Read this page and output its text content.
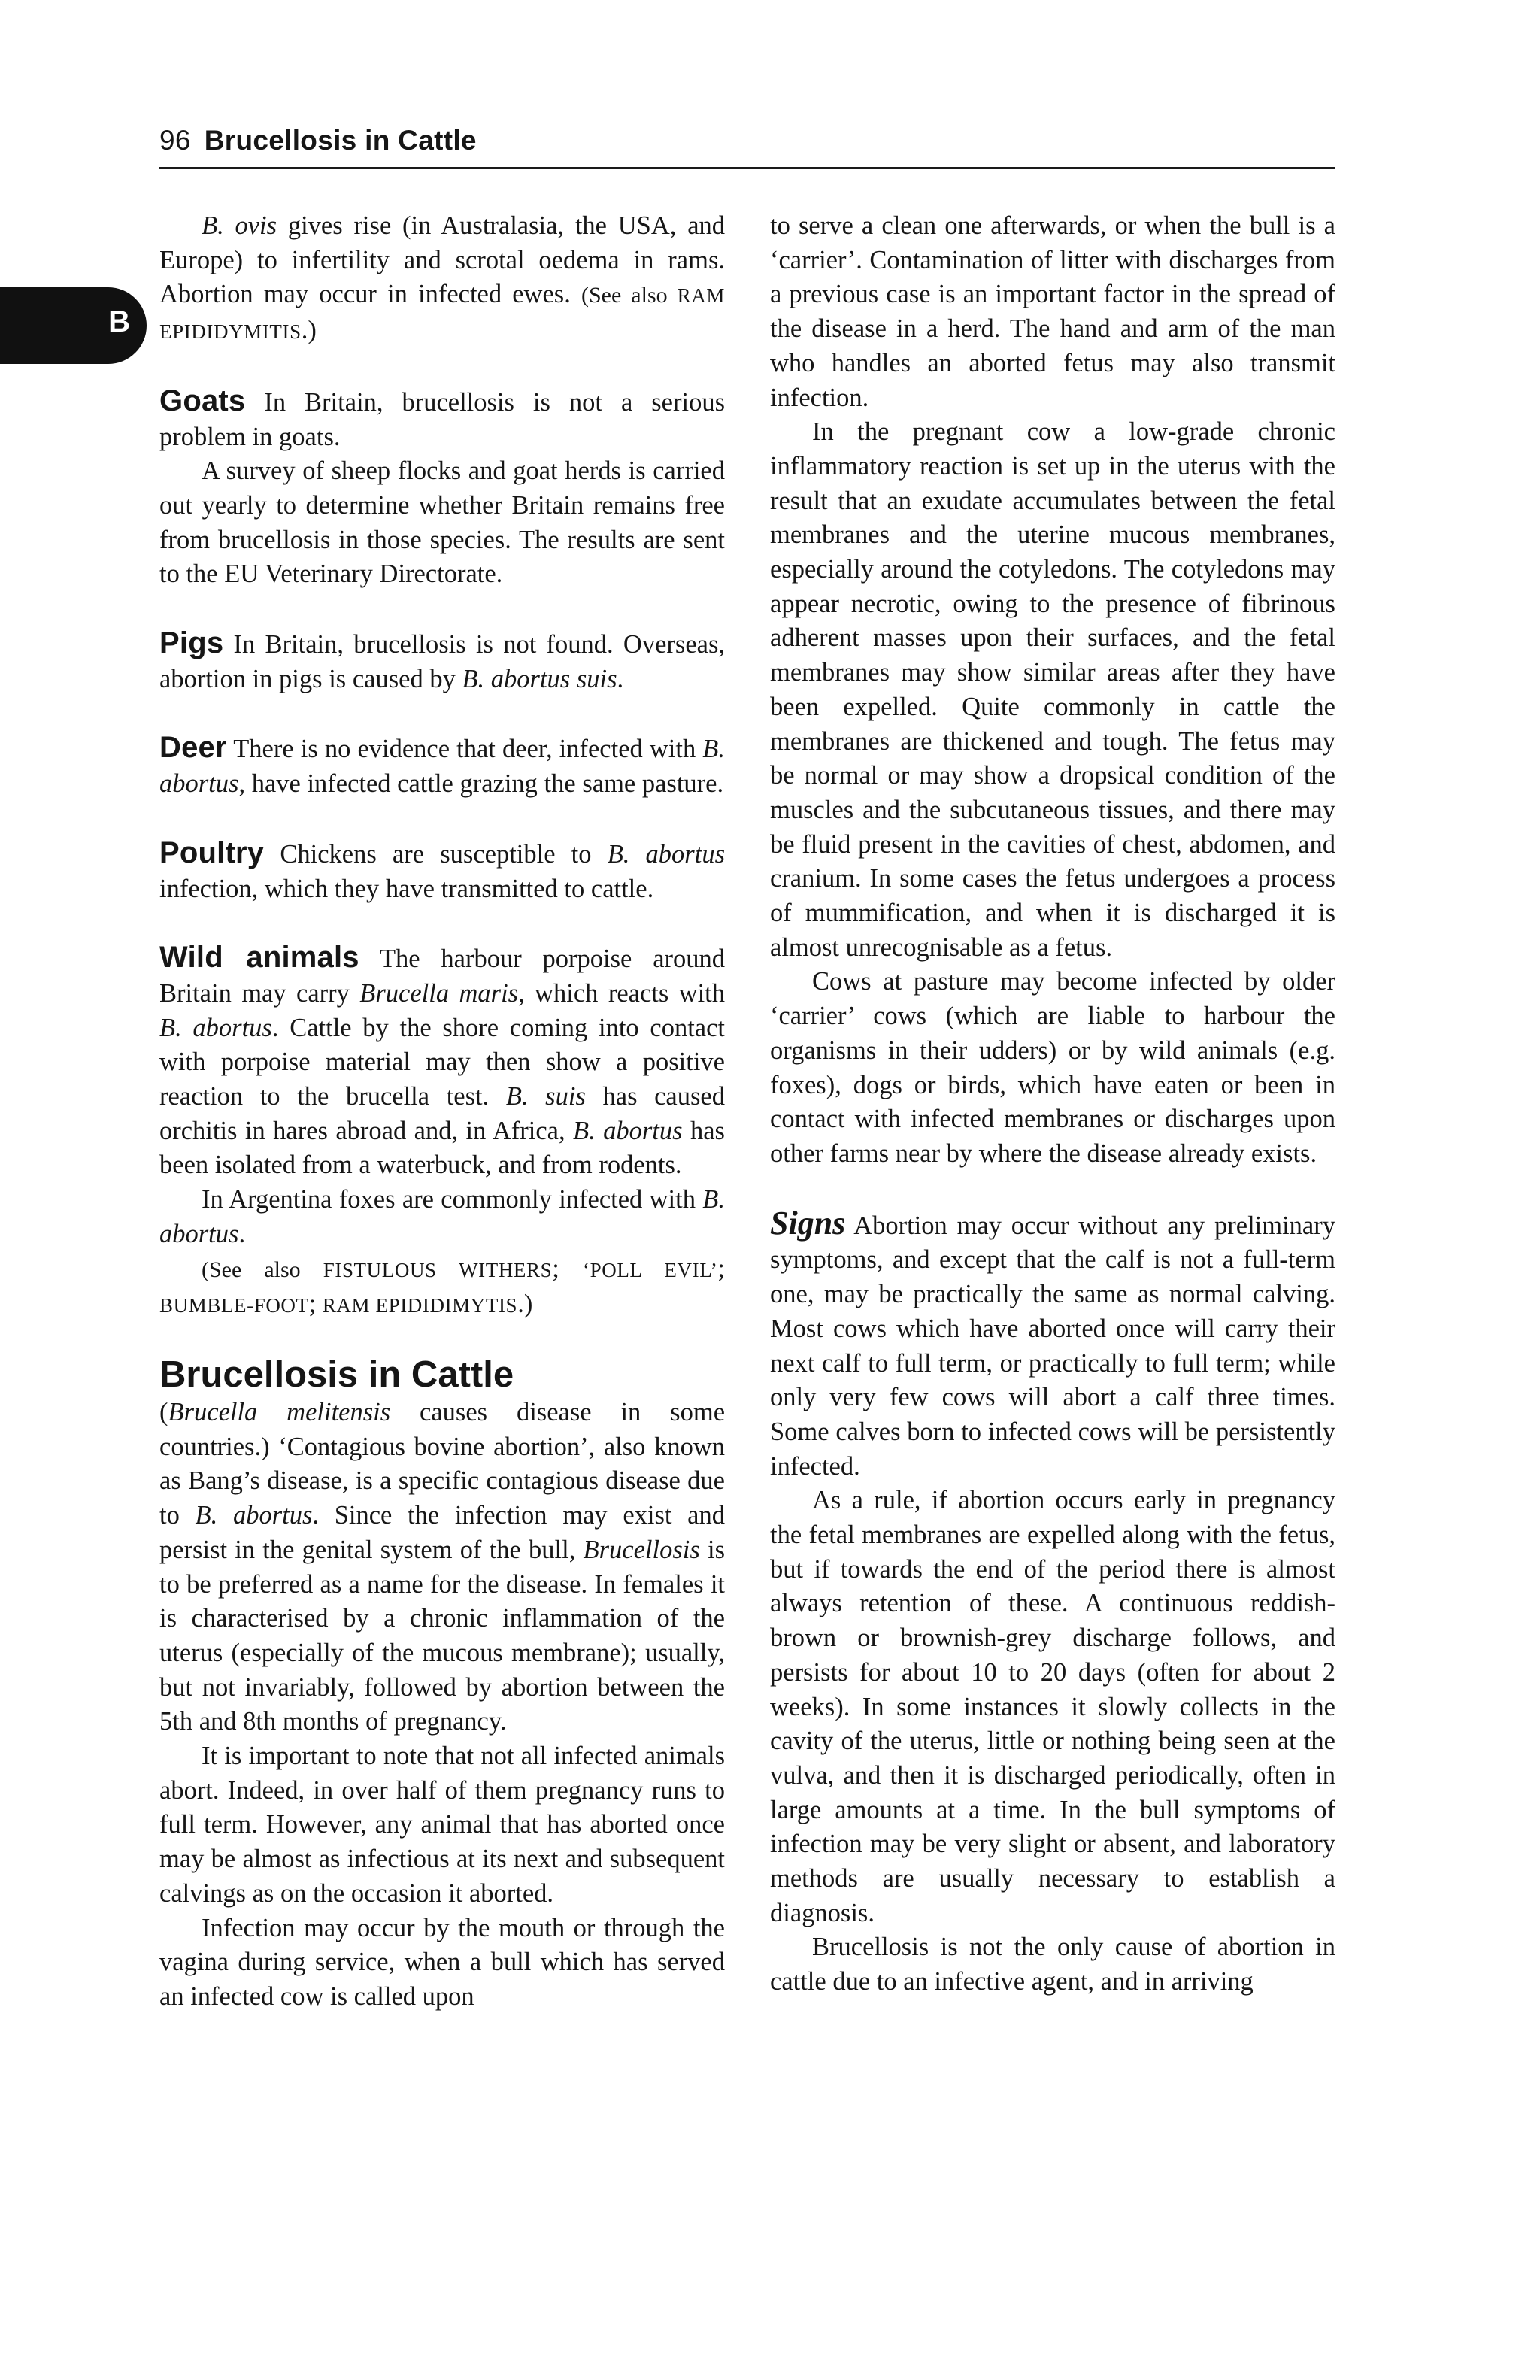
96 Brucellosis in Cattle
B

B. ovis gives rise (in Australasia, the USA, and Europe) to infertility and scrotal oedema in rams. Abortion may occur in infected ewes. (See also RAM EPIDIDYMITIS.)

Goats In Britain, brucellosis is not a serious problem in goats.

A survey of sheep flocks and goat herds is carried out yearly to determine whether Britain remains free from brucellosis in those species. The results are sent to the EU Veterinary Directorate.

Pigs In Britain, brucellosis is not found. Overseas, abortion in pigs is caused by B. abortus suis.

Deer There is no evidence that deer, infected with B. abortus, have infected cattle grazing the same pasture.

Poultry Chickens are susceptible to B. abortus infection, which they have transmitted to cattle.

Wild animals The harbour porpoise around Britain may carry Brucella maris, which reacts with B. abortus. Cattle by the shore coming into contact with porpoise material may then show a positive reaction to the brucella test. B. suis has caused orchitis in hares abroad and, in Africa, B. abortus has been isolated from a waterbuck, and from rodents.

In Argentina foxes are commonly infected with B. abortus.

(See also FISTULOUS WITHERS; ‘POLL EVIL’; BUMBLE-FOOT; RAM EPIDIDIMYTIS.)

Brucellosis in Cattle

(Brucella melitensis causes disease in some countries.) ‘Contagious bovine abortion’, also known as Bang’s disease, is a specific contagious disease due to B. abortus. Since the infection may exist and persist in the genital system of the bull, Brucellosis is to be preferred as a name for the disease. In females it is characterised by a chronic inflammation of the uterus (especially of the mucous membrane); usually, but not invariably, followed by abortion between the 5th and 8th months of pregnancy.

It is important to note that not all infected animals abort. Indeed, in over half of them pregnancy runs to full term. However, any animal that has aborted once may be almost as infectious at its next and subsequent calvings as on the occasion it aborted.

Infection may occur by the mouth or through the vagina during service, when a bull which has served an infected cow is called upon

to serve a clean one afterwards, or when the bull is a ‘carrier’. Contamination of litter with discharges from a previous case is an important factor in the spread of the disease in a herd. The hand and arm of the man who handles an aborted fetus may also transmit infection.

In the pregnant cow a low-grade chronic inflammatory reaction is set up in the uterus with the result that an exudate accumulates between the fetal membranes and the uterine mucous membranes, especially around the cotyledons. The cotyledons may appear necrotic, owing to the presence of fibrinous adherent masses upon their surfaces, and the fetal membranes may show similar areas after they have been expelled. Quite commonly in cattle the membranes are thickened and tough. The fetus may be normal or may show a dropsical condition of the muscles and the subcutaneous tissues, and there may be fluid present in the cavities of chest, abdomen, and cranium. In some cases the fetus undergoes a process of mummification, and when it is discharged it is almost unrecognisable as a fetus.

Cows at pasture may become infected by older ‘carrier’ cows (which are liable to harbour the organisms in their udders) or by wild animals (e.g. foxes), dogs or birds, which have eaten or been in contact with infected membranes or discharges upon other farms near by where the disease already exists.

Signs Abortion may occur without any preliminary symptoms, and except that the calf is not a full-term one, may be practically the same as normal calving. Most cows which have aborted once will carry their next calf to full term, or practically to full term; while only very few cows will abort a calf three times. Some calves born to infected cows will be persistently infected.

As a rule, if abortion occurs early in pregnancy the fetal membranes are expelled along with the fetus, but if towards the end of the period there is almost always retention of these. A continuous reddish-brown or brownish-grey discharge follows, and persists for about 10 to 20 days (often for about 2 weeks). In some instances it slowly collects in the cavity of the uterus, little or nothing being seen at the vulva, and then it is discharged periodically, often in large amounts at a time. In the bull symptoms of infection may be very slight or absent, and laboratory methods are usually necessary to establish a diagnosis.

Brucellosis is not the only cause of abortion in cattle due to an infective agent, and in arriving
